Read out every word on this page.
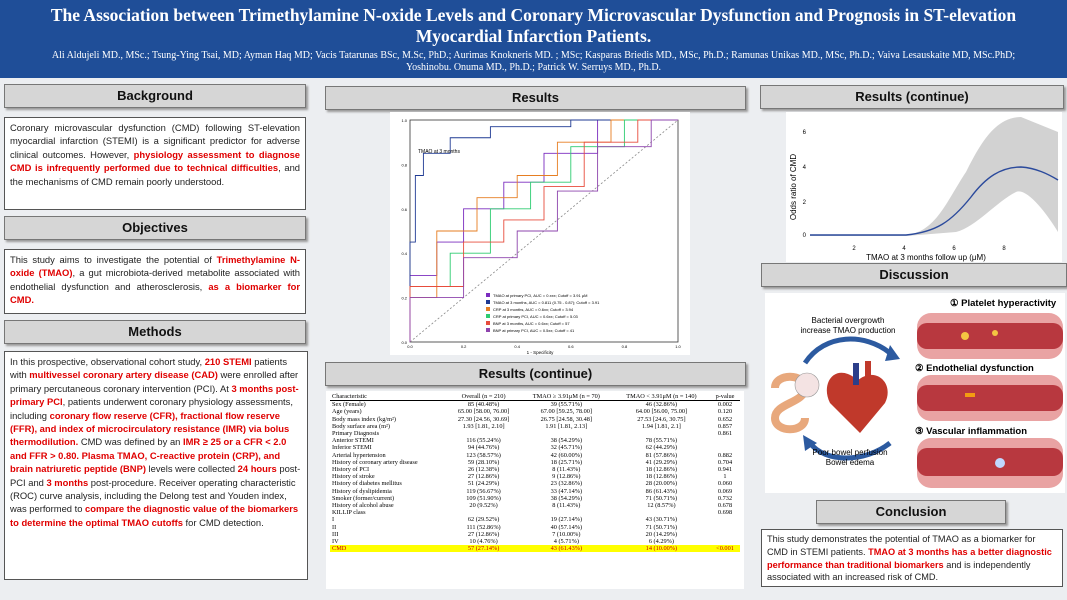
The Association between Trimethylamine N-oxide Levels and Coronary Microvascular Dysfunction and Prognosis in ST-elevation Myocardial Infarction Patients.
Ali Aldujeli MD., MSc.; Tsung-Ying Tsai, MD; Ayman Haq MD; Vacis Tatarunas BSc, M.Sc, PhD.; Aurimas Knokneris MD. ; MSc; Kasparas Briedis MD., MSc, Ph.D.; Ramunas Unikas MD., MSc, Ph.D.; Vaiva Lesauskaite MD, MSc.PhD;
Yoshinobu. Onuma MD., Ph.D.; Patrick W. Serruys MD., Ph.D.
Background
Coronary microvascular dysfunction (CMD) following ST-elevation myocardial infarction (STEMI) is a significant predictor for adverse clinical outcomes. However, physiology assessment to diagnose CMD is infrequently performed due to technical difficulties, and the mechanisms of CMD remain poorly understood.
Objectives
This study aims to investigate the potential of Trimethylamine N-oxide (TMAO), a gut microbiota-derived metabolite associated with endothelial dysfunction and atherosclerosis, as a biomarker for CMD.
Methods
In this prospective, observational cohort study, 210 STEMI patients with multivessel coronary artery disease (CAD) were enrolled after primary percutaneous coronary intervention (PCI). At 3 months post-primary PCI, patients underwent coronary physiology assessments, including coronary flow reserve (CFR), fractional flow reserve (FFR), and index of microcirculatory resistance (IMR) via bolus thermodilution. CMD was defined by an IMR ≥ 25 or a CFR < 2.0 and FFR > 0.80. Plasma TMAO, C-reactive protein (CRP), and brain natriuretic peptide (BNP) levels were collected 24 hours post-PCI and 3 months post-procedure. Receiver operating characteristic (ROC) curve analysis, including the Delong test and Youden index, was performed to compare the diagnostic value of the biomarkers to determine the optimal TMAO cutoffs for CMD detection.
Results
0.0
0.0
0.2
0.2
0.4
0.4
0.6
0.6
0.8
0.8
1.0
1.0
TMAO at 3 months
TMAO at primary PCI, AUC = 0.xxx; Cutoff = 3.91 μM
TMAO at 3 months, AUC = 0.811 (0.75 - 0.87); Cutoff = 3.91
CRP at 3 months, AUC = 0.6xx; Cutoff = 3.94
CRP at primary PCI, AUC = 0.6xx; Cutoff = 5.03
BNP at 3 months, AUC = 0.6xx; Cutoff = 57
BNP at primary PCI, AUC = 0.5xx; Cutoff = 41
1 - Specificity
Results (continue)
Characteristic	Overall (n = 210)	TMAO ≥ 3.91μM (n = 70)	TMAO < 3.91μM (n = 140)	p-value
Sex (Female)	85 (40.48%)	39 (55.71%)	46 (32.86%)	0.002
Age (years)	65.00 [58.00, 76.00]	67.00 [59.25, 78.00]	64.00 [56.00, 75.00]	0.120
Body mass index (kg/m²)	27.30 [24.56, 30.69]	26.75 [24.58, 30.48]	27.53 [24.6, 30.75]	0.652
Body surface area (m²)	1.93 [1.81, 2.10]	1.91 [1.81, 2.13]	1.94 [1.81, 2.1]	0.857
Primary Diagnosis				0.861
Anterior STEMI	116 (55.24%)	38 (54.29%)	78 (55.71%)	
Inferior STEMI	94 (44.76%)	32 (45.71%)	62 (44.29%)	
Arterial hypertension	123 (58.57%)	42 (60.00%)	81 (57.86%)	0.882
History of coronary artery disease	59 (28.10%)	18 (25.71%)	41 (29.29%)	0.704
History of PCI	26 (12.38%)	8 (11.43%)	18 (12.86%)	0.941
History of stroke	27 (12.86%)	9 (12.86%)	18 (12.86%)	1
History of diabetes mellitus	51 (24.29%)	23 (32.86%)	28 (20.00%)	0.060
History of dyslipidemia	119 (56.67%)	33 (47.14%)	86 (61.43%)	0.069
Smoker (former/current)	109 (51.90%)	38 (54.29%)	71 (50.71%)	0.732
History of alcohol abuse	20 (9.52%)	8 (11.43%)	12 (8.57%)	0.678
KILLIP class				0.698
I	62 (29.52%)	19 (27.14%)	43 (30.71%)	
II	111 (52.86%)	40 (57.14%)	71 (50.71%)	
III	27 (12.86%)	7 (10.00%)	20 (14.29%)	
IV	10 (4.76%)	4 (5.71%)	6 (4.29%)	
CMD	57 (27.14%)	43 (61.43%)	14 (10.00%)	<0.001
Results (continue)
Odds ratio of CMD
0
2
4
6
2	4	6	8
TMAO at 3 months follow up (μM)
Discussion
① Platelet hyperactivity
② Endothelial dysfunction
③ Vascular inflammation
Bacterial overgrowth
increase TMAO production
Poor bowel perfusion
Bowel edema
Conclusion
This study demonstrates the potential of TMAO as a biomarker for CMD in STEMI patients. TMAO at 3 months has a better diagnostic performance than traditional biomarkers and is independently associated with an increased risk of CMD.
